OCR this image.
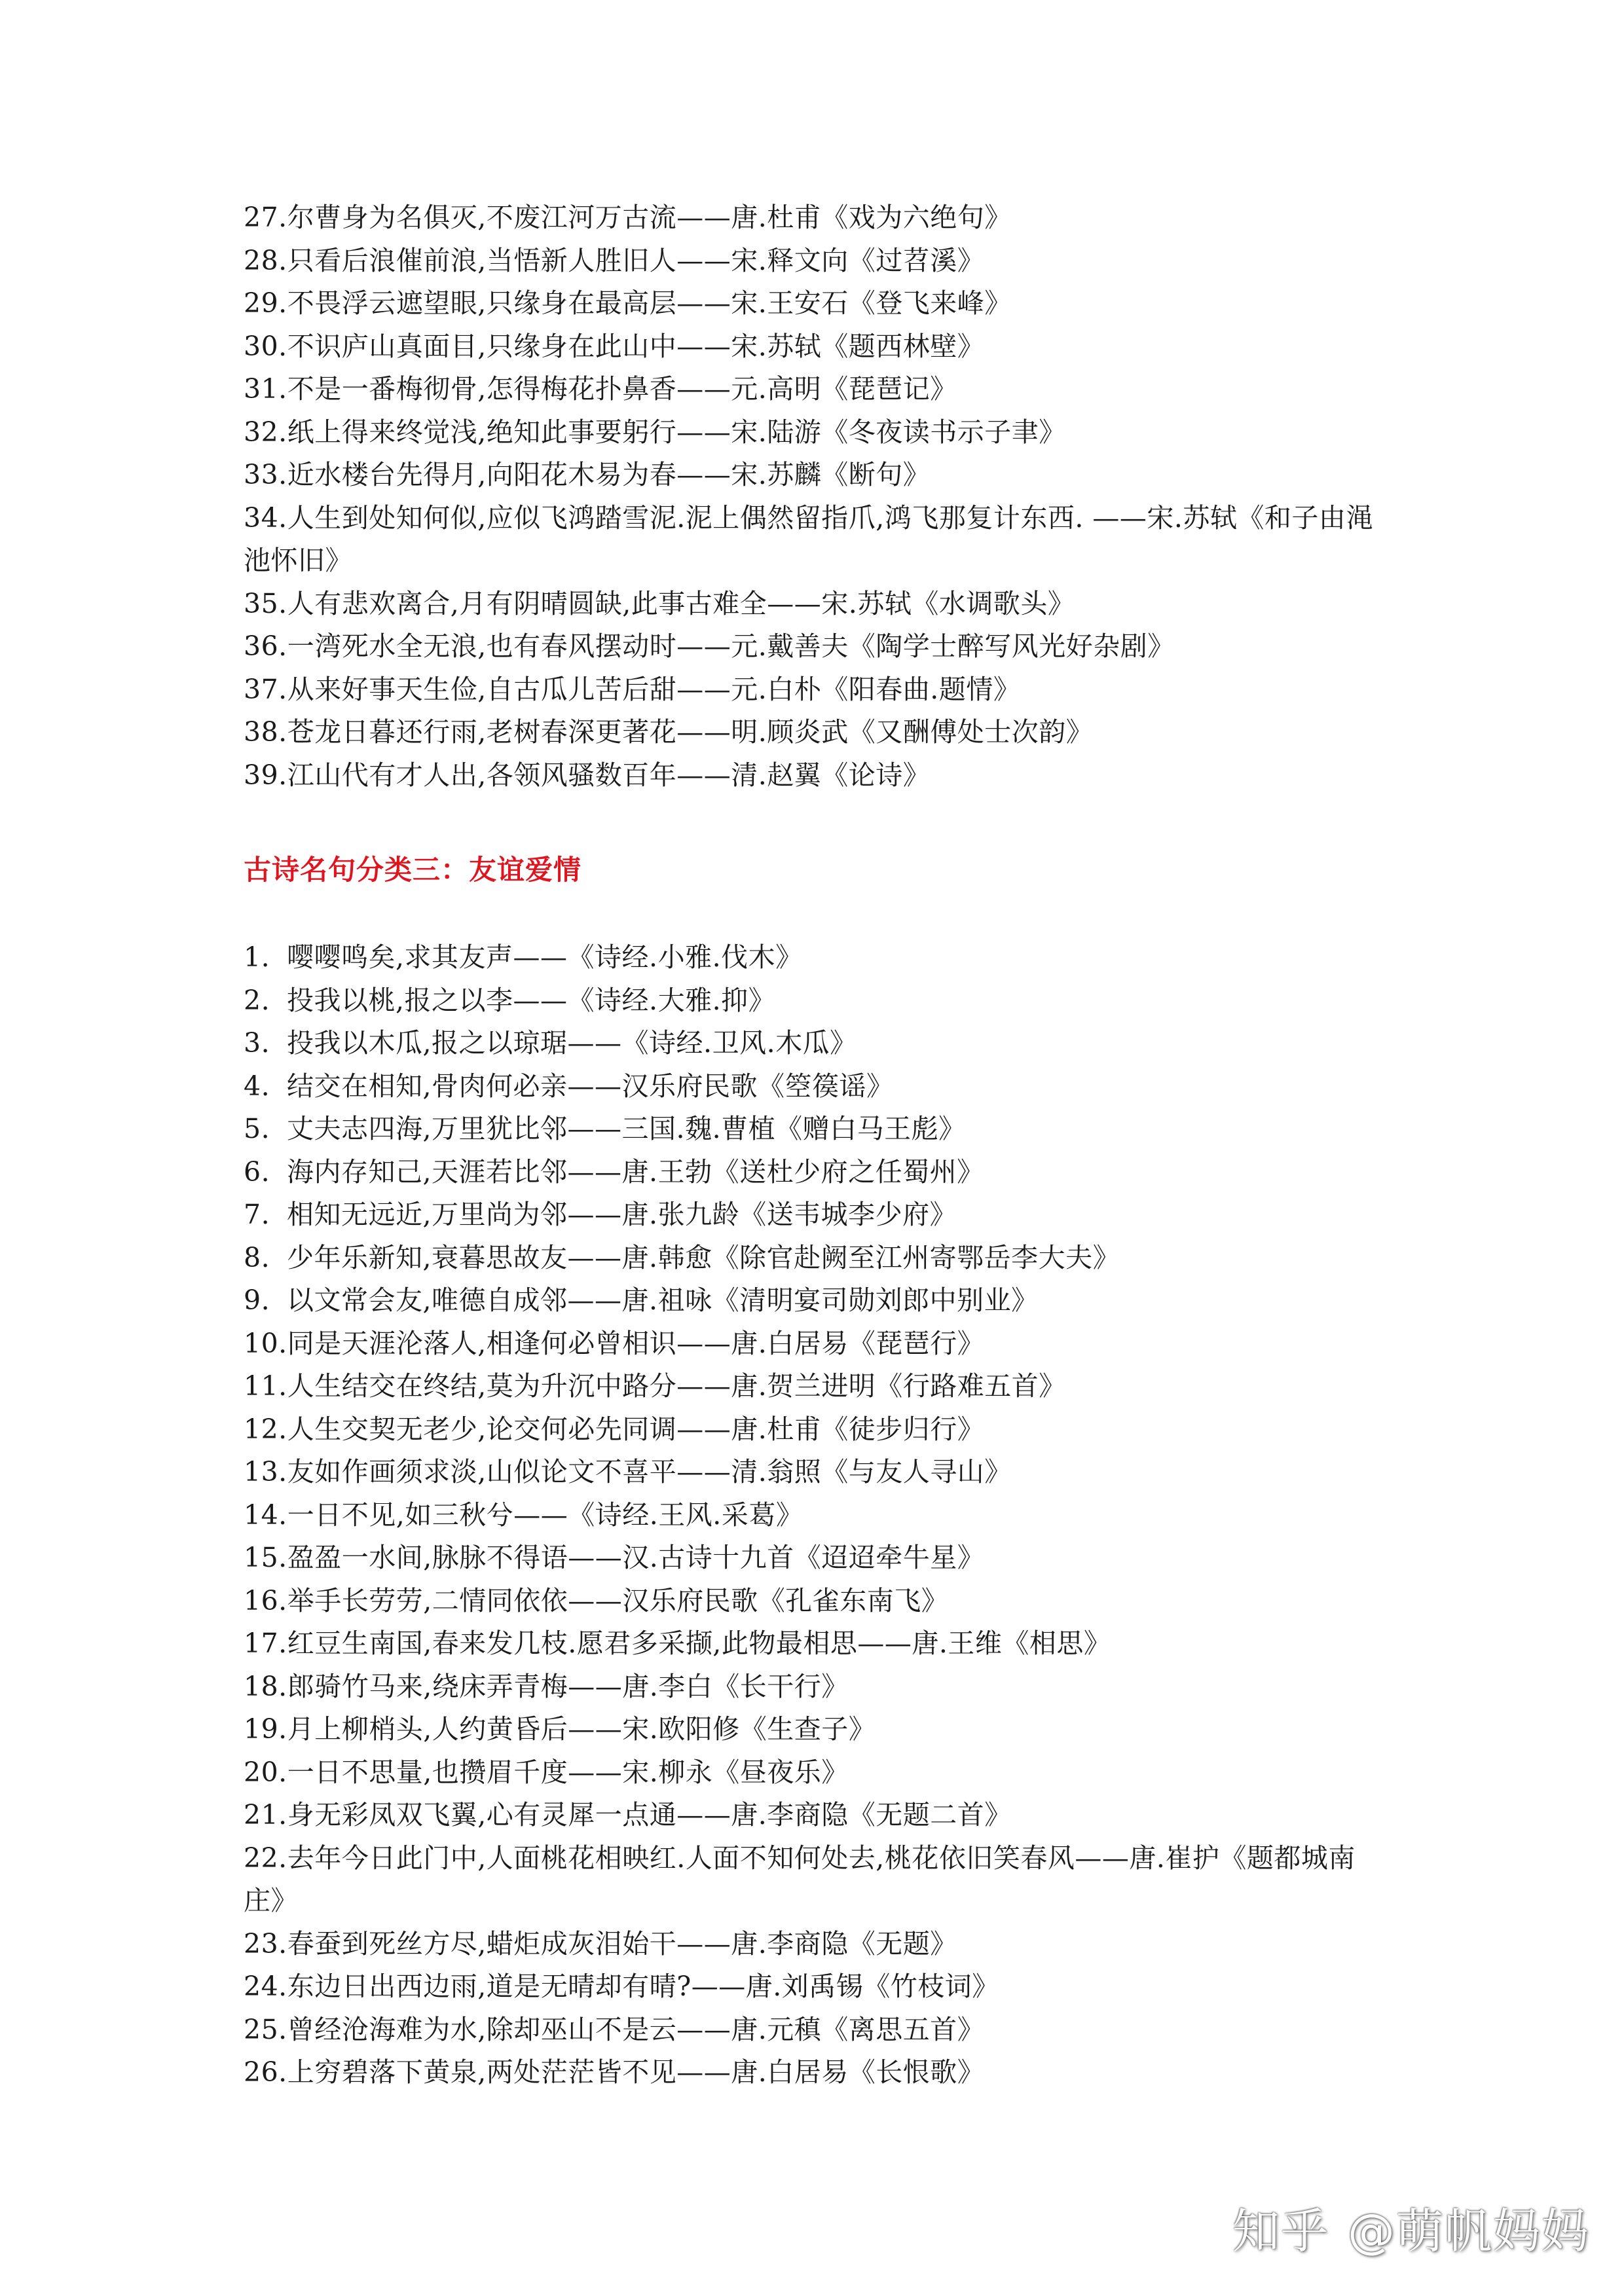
27.尔曹身为名俱灭,不废江河万古流——唐.杜甫《戏为六绝句》
28.只看后浪催前浪,当悟新人胜旧人——宋.释文向《过苕溪》
29.不畏浮云遮望眼,只缘身在最高层——宋.王安石《登飞来峰》
30.不识庐山真面目,只缘身在此山中——宋.苏轼《题西林壁》
31.不是一番梅彻骨,怎得梅花扑鼻香——元.高明《琵琶记》
32.纸上得来终觉浅,绝知此事要躬行——宋.陆游《冬夜读书示子聿》
33.近水楼台先得月,向阳花木易为春——宋.苏麟《断句》
34.人生到处知何似,应似飞鸿踏雪泥.泥上偶然留指爪,鸿飞那复计东西. ——宋.苏轼《和子由渑池怀旧》
35.人有悲欢离合,月有阴晴圆缺,此事古难全——宋.苏轼《水调歌头》
36.一湾死水全无浪,也有春风摆动时——元.戴善夫《陶学士醉写风光好杂剧》
37.从来好事天生俭,自古瓜儿苦后甜——元.白朴《阳春曲.题情》
38.苍龙日暮还行雨,老树春深更著花——明.顾炎武《又酬傅处士次韵》
39.江山代有才人出,各领风骚数百年——清.赵翼《论诗》
古诗名句分类三：友谊爱情
1. 嘤嘤鸣矣,求其友声——《诗经.小雅.伐木》
2. 投我以桃,报之以李——《诗经.大雅.抑》
3. 投我以木瓜,报之以琼琚——《诗经.卫风.木瓜》
4. 结交在相知,骨肉何必亲——汉乐府民歌《箜篌谣》
5. 丈夫志四海,万里犹比邻——三国.魏.曹植《赠白马王彪》
6. 海内存知己,天涯若比邻——唐.王勃《送杜少府之任蜀州》
7. 相知无远近,万里尚为邻——唐.张九龄《送韦城李少府》
8. 少年乐新知,衰暮思故友——唐.韩愈《除官赴阙至江州寄鄂岳李大夫》
9. 以文常会友,唯德自成邻——唐.祖咏《清明宴司勋刘郎中别业》
10.同是天涯沦落人,相逢何必曾相识——唐.白居易《琵琶行》
11.人生结交在终结,莫为升沉中路分——唐.贺兰进明《行路难五首》
12.人生交契无老少,论交何必先同调——唐.杜甫《徒步归行》
13.友如作画须求淡,山似论文不喜平——清.翁照《与友人寻山》
14.一日不见,如三秋兮——《诗经.王风.采葛》
15.盈盈一水间,脉脉不得语——汉.古诗十九首《迢迢牵牛星》
16.举手长劳劳,二情同依依——汉乐府民歌《孔雀东南飞》
17.红豆生南国,春来发几枝.愿君多采撷,此物最相思——唐.王维《相思》
18.郎骑竹马来,绕床弄青梅——唐.李白《长干行》
19.月上柳梢头,人约黄昏后——宋.欧阳修《生查子》
20.一日不思量,也攒眉千度——宋.柳永《昼夜乐》
21.身无彩凤双飞翼,心有灵犀一点通——唐.李商隐《无题二首》
22.去年今日此门中,人面桃花相映红.人面不知何处去,桃花依旧笑春风——唐.崔护《题都城南庄》
23.春蚕到死丝方尽,蜡炬成灰泪始干——唐.李商隐《无题》
24.东边日出西边雨,道是无晴却有晴?——唐.刘禹锡《竹枝词》
25.曾经沧海难为水,除却巫山不是云——唐.元稹《离思五首》
26.上穷碧落下黄泉,两处茫茫皆不见——唐.白居易《长恨歌》
知乎 @萌帆妈妈
